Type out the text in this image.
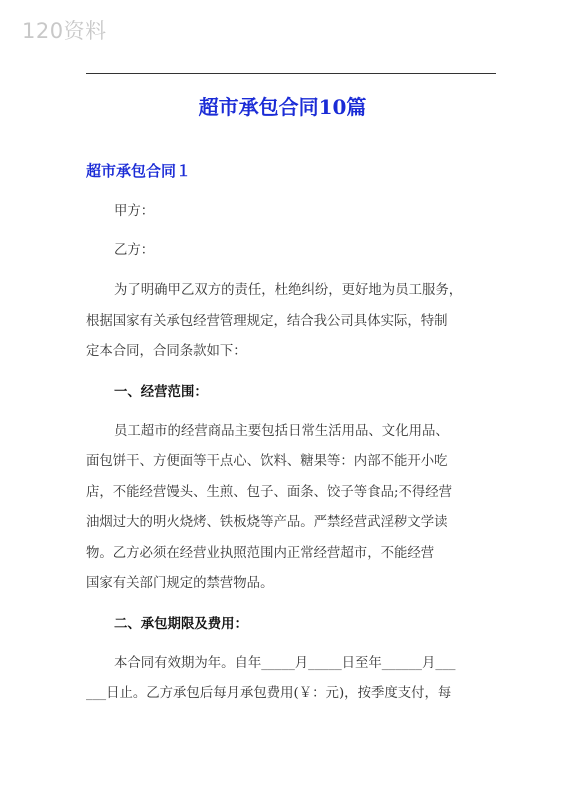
120资料
超市承包合同10篇
超市承包合同１
甲方：
乙方：
为了明确甲乙双方的责任，杜绝纠纷，更好地为员工服务，
根据国家有关承包经营管理规定，结合我公司具体实际，特制
定本合同，合同条款如下：
一、经营范围：
员工超市的经营商品主要包括日常生活用品、文化用品、
面包饼干、方便面等干点心、饮料、糖果等：内部不能开小吃
店，不能经营馒头、生煎、包子、面条、饺子等食品;不得经营
油烟过大的明火烧烤、铁板烧等产品。严禁经营武淫秽文学读
物。乙方必须在经营业执照范围内正常经营超市，不能经营
国家有关部门规定的禁营物品。
二、承包期限及费用：
本合同有效期为年。自年_____月_____日至年______月___
___日止。乙方承包后每月承包费用(￥：元)，按季度支付，每
